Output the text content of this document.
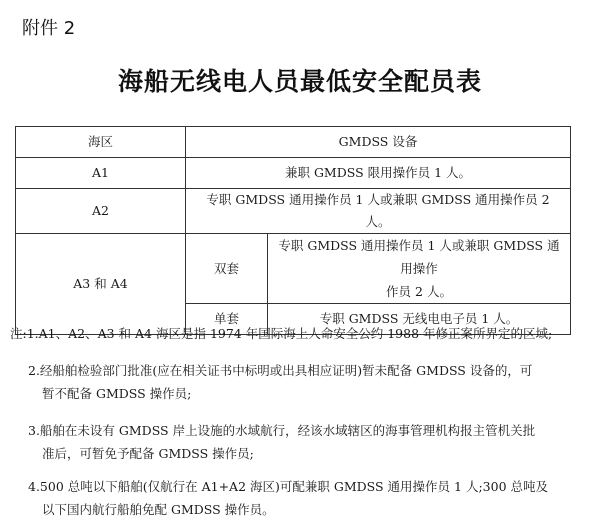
附件 2
海船无线电人员最低安全配员表
海区	GMDSS 设备	
A1	兼职 GMDSS 限用操作员 1 人。	
A2	专职 GMDSS 通用操作员 1 人或兼职 GMDSS 通用操作员 2 人。	
A3 和 A4	双套	专职 GMDSS 通用操作员 1 人或兼职 GMDSS 通用操作
作员 2 人。

	单套	专职 GMDSS 无线电电子员 1 人。

注:1.A1、A2、A3 和 A4 海区是指 1974 年国际海上人命安全公约 1988 年修正案所界定的区域;

2.经船舶检验部门批准(应在相关证书中标明或出具相应证明)暂未配备 GMDSS 设备的，可
暂不配备 GMDSS 操作员;

3.船舶在未设有 GMDSS 岸上设施的水域航行，经该水域辖区的海事管理机构报主管机关批
准后，可暂免予配备 GMDSS 操作员;

4.500 总吨以下船舶(仅航行在 A1+A2 海区)可配兼职 GMDSS 通用操作员 1 人;300 总吨及
以下国内航行船舶免配 GMDSS 操作员。
